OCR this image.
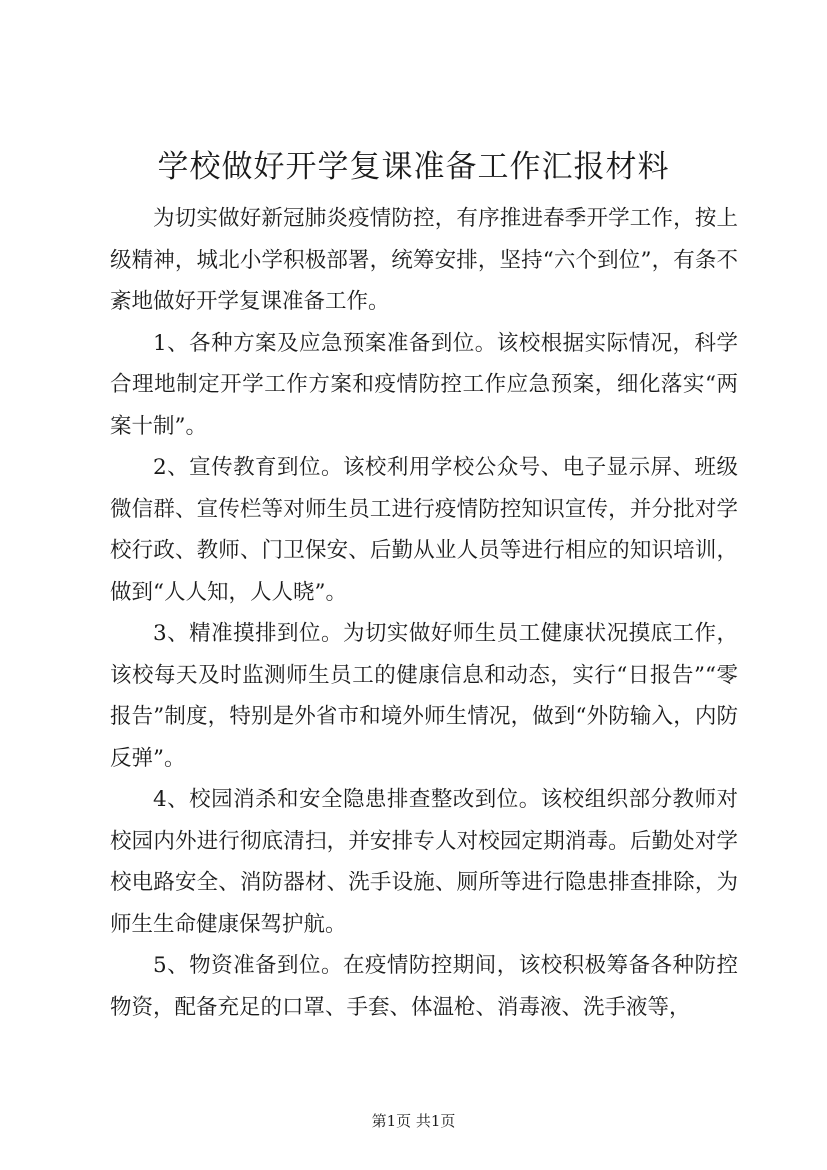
学校做好开学复课准备工作汇报材料

为切实做好新冠肺炎疫情防控，有序推进春季开学工作，按上级精神，城北小学积极部署，统筹安排，坚持“六个到位”，有条不紊地做好开学复课准备工作。

1、各种方案及应急预案准备到位。该校根据实际情况，科学合理地制定开学工作方案和疫情防控工作应急预案，细化落实“两案十制”。

2、宣传教育到位。该校利用学校公众号、电子显示屏、班级微信群、宣传栏等对师生员工进行疫情防控知识宣传，并分批对学校行政、教师、门卫保安、后勤从业人员等进行相应的知识培训，做到“人人知，人人晓”。

3、精准摸排到位。为切实做好师生员工健康状况摸底工作，该校每天及时监测师生员工的健康信息和动态，实行“日报告”“零报告”制度，特别是外省市和境外师生情况，做到“外防输入，内防反弹”。

4、校园消杀和安全隐患排查整改到位。该校组织部分教师对校园内外进行彻底清扫，并安排专人对校园定期消毒。后勤处对学校电路安全、消防器材、洗手设施、厕所等进行隐患排查排除，为师生生命健康保驾护航。

5、物资准备到位。在疫情防控期间，该校积极筹备各种防控物资，配备充足的口罩、手套、体温枪、消毒液、洗手液等，

第1页 共1页
